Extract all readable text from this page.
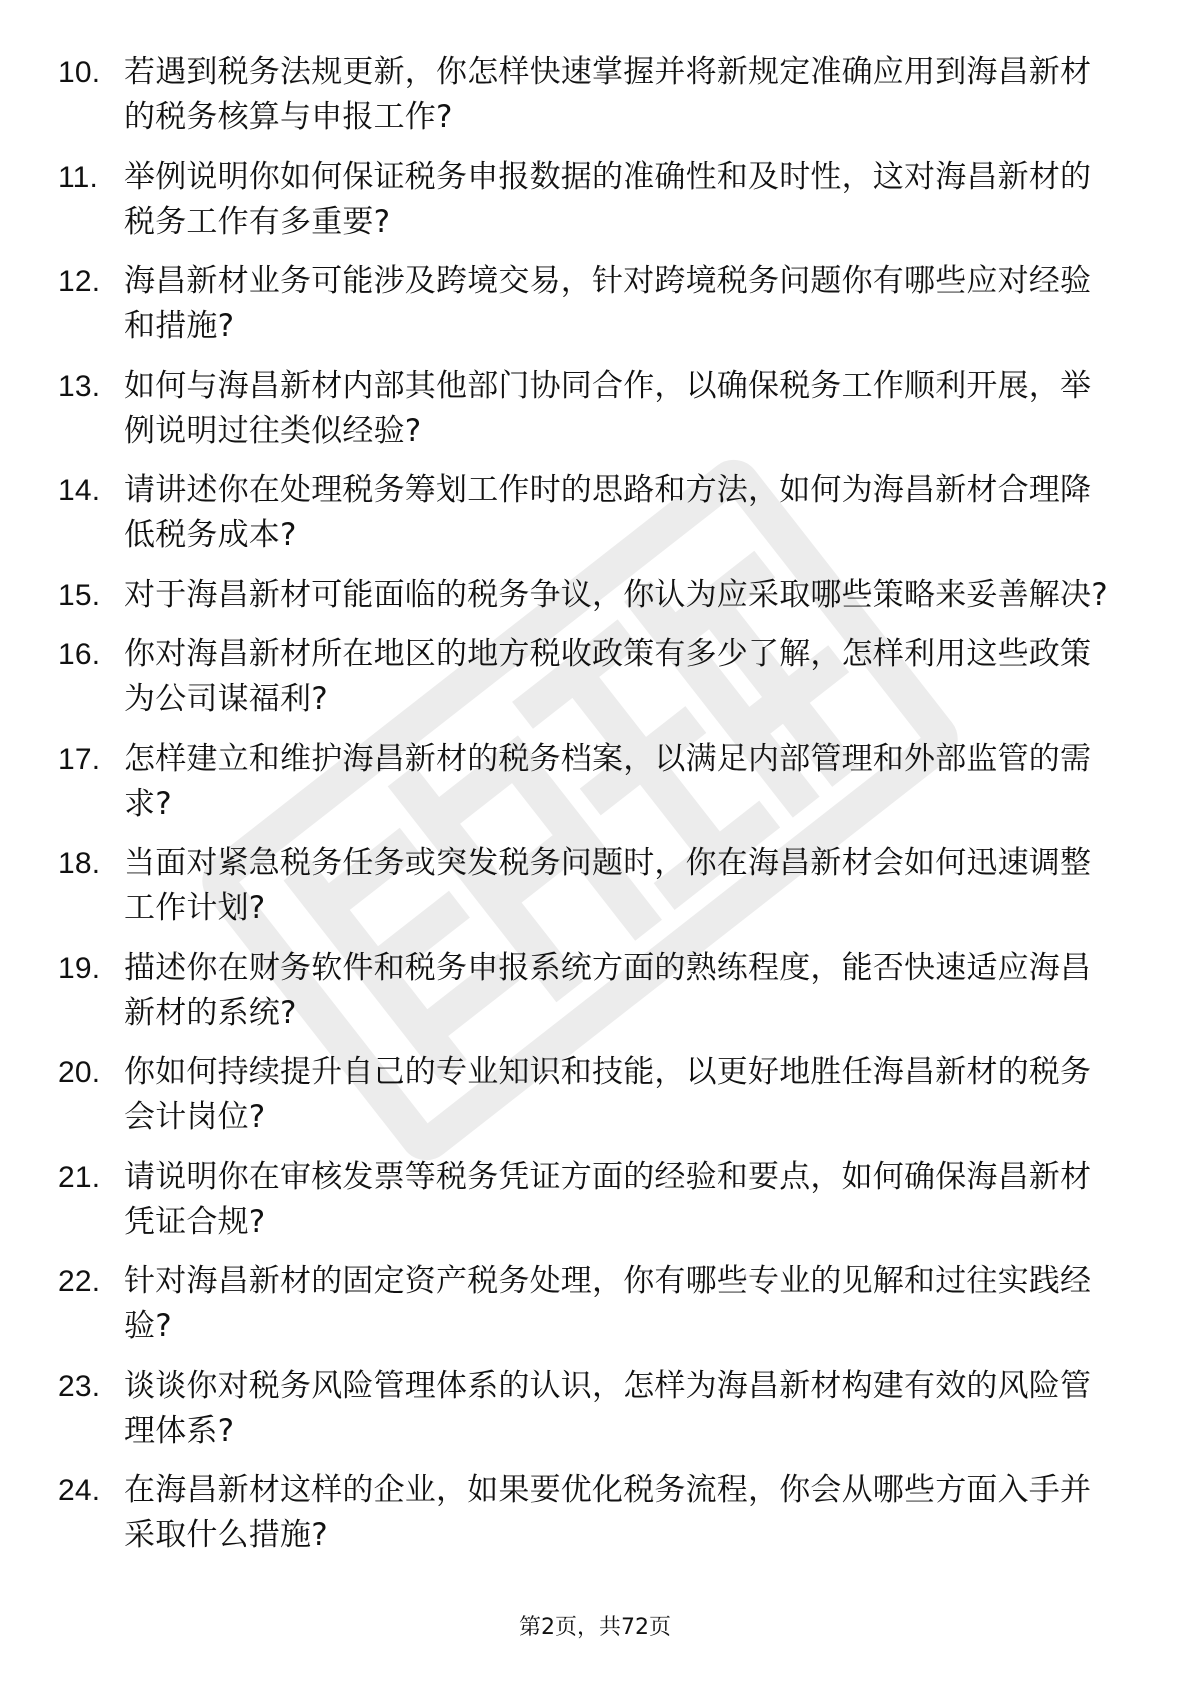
10. 若遇到税务法规更新，你怎样快速掌握并将新规定准确应用到海昌新材的税务核算与申报工作?
11. 举例说明你如何保证税务申报数据的准确性和及时性，这对海昌新材的税务工作有多重要?
12. 海昌新材业务可能涉及跨境交易，针对跨境税务问题你有哪些应对经验和措施?
13. 如何与海昌新材内部其他部门协同合作，以确保税务工作顺利开展，举例说明过往类似经验?
14. 请讲述你在处理税务筹划工作时的思路和方法，如何为海昌新材合理降低税务成本?
15. 对于海昌新材可能面临的税务争议，你认为应采取哪些策略来妥善解决?
16. 你对海昌新材所在地区的地方税收政策有多少了解，怎样利用这些政策为公司谋福利?
17. 怎样建立和维护海昌新材的税务档案，以满足内部管理和外部监管的需求?
18. 当面对紧急税务任务或突发税务问题时，你在海昌新材会如何迅速调整工作计划?
19. 描述你在财务软件和税务申报系统方面的熟练程度，能否快速适应海昌新材的系统?
20. 你如何持续提升自己的专业知识和技能，以更好地胜任海昌新材的税务会计岗位?
21. 请说明你在审核发票等税务凭证方面的经验和要点，如何确保海昌新材凭证合规?
22. 针对海昌新材的固定资产税务处理，你有哪些专业的见解和过往实践经验?
23. 谈谈你对税务风险管理体系的认识，怎样为海昌新材构建有效的风险管理体系?
24. 在海昌新材这样的企业，如果要优化税务流程，你会从哪些方面入手并采取什么措施?
第2页，共72页
